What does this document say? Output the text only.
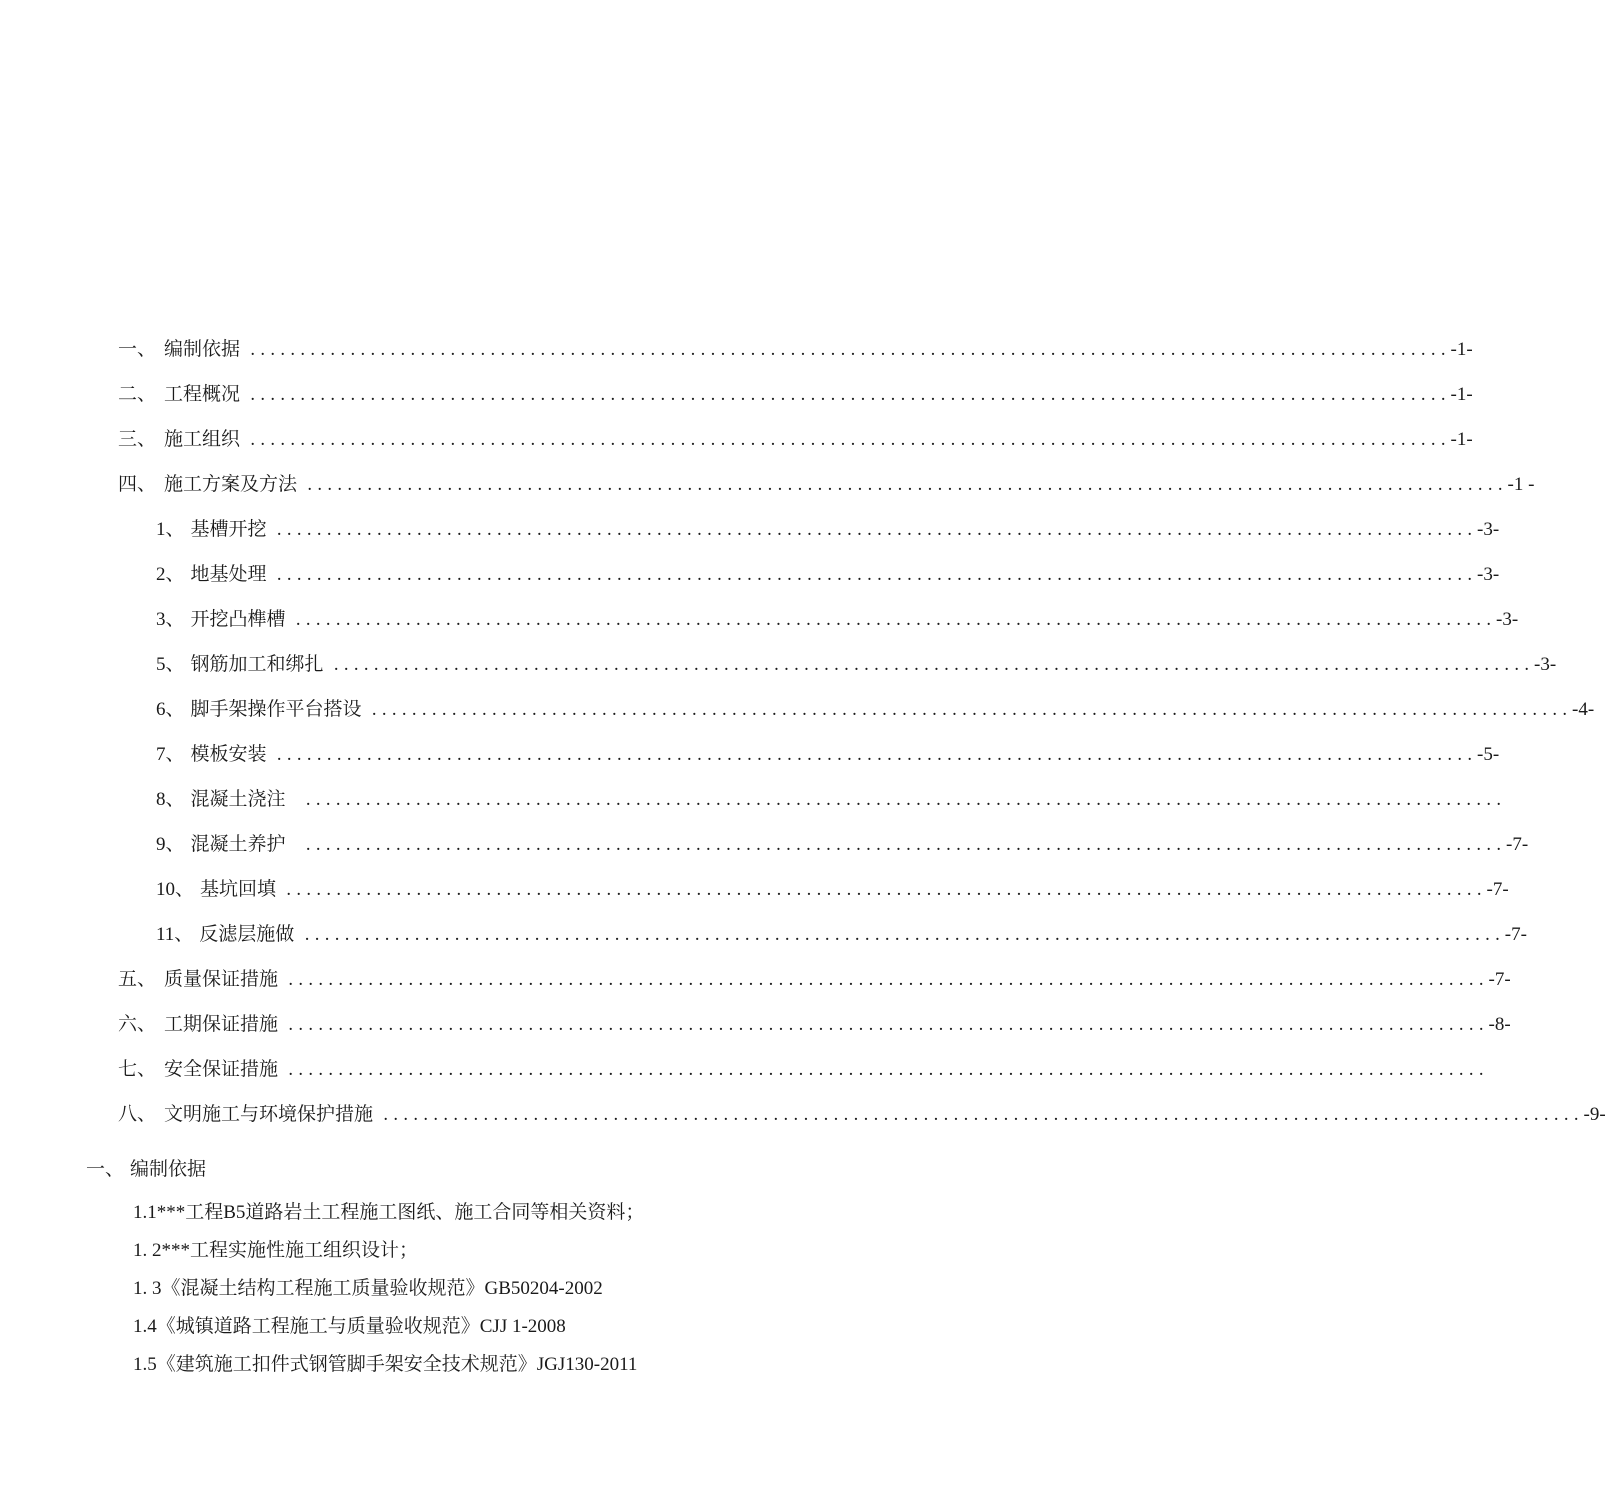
一、 编制依据 ........................................................................................................................ -1-
二、 工程概况 ........................................................................................................................ -1-
三、 施工组织 ........................................................................................................................ -1-
四、 施工方案及方法 ........................................................................................................................ -1 -
1、 基槽开挖 ........................................................................................................................ -3-
2、 地基处理 ........................................................................................................................ -3-
3、 开挖凸榫槽 ........................................................................................................................ -3-
5、 钢筋加工和绑扎 ........................................................................................................................ -3-
6、 脚手架操作平台搭设 ........................................................................................................................ -4-
7、 模板安装 ........................................................................................................................ -5-
8、 混凝土浇注 ........................................................................................................................
9、 混凝土养护 ........................................................................................................................ -7-
10、 基坑回填 ........................................................................................................................ -7-
11、 反滤层施做 ........................................................................................................................ -7-
五、 质量保证措施 ........................................................................................................................ -7-
六、 工期保证措施 ........................................................................................................................ -8-
七、 安全保证措施 ........................................................................................................................
八、 文明施工与环境保护措施 ........................................................................................................................ -9-
一、 编制依据
1.1***工程B5道路岩土工程施工图纸、施工合同等相关资料；
1. 2***工程实施性施工组织设计；
1. 3《混凝土结构工程施工质量验收规范》GB50204-2002
1.4《城镇道路工程施工与质量验收规范》CJJ 1-2008
1.5《建筑施工扣件式钢管脚手架安全技术规范》JGJ130-2011
